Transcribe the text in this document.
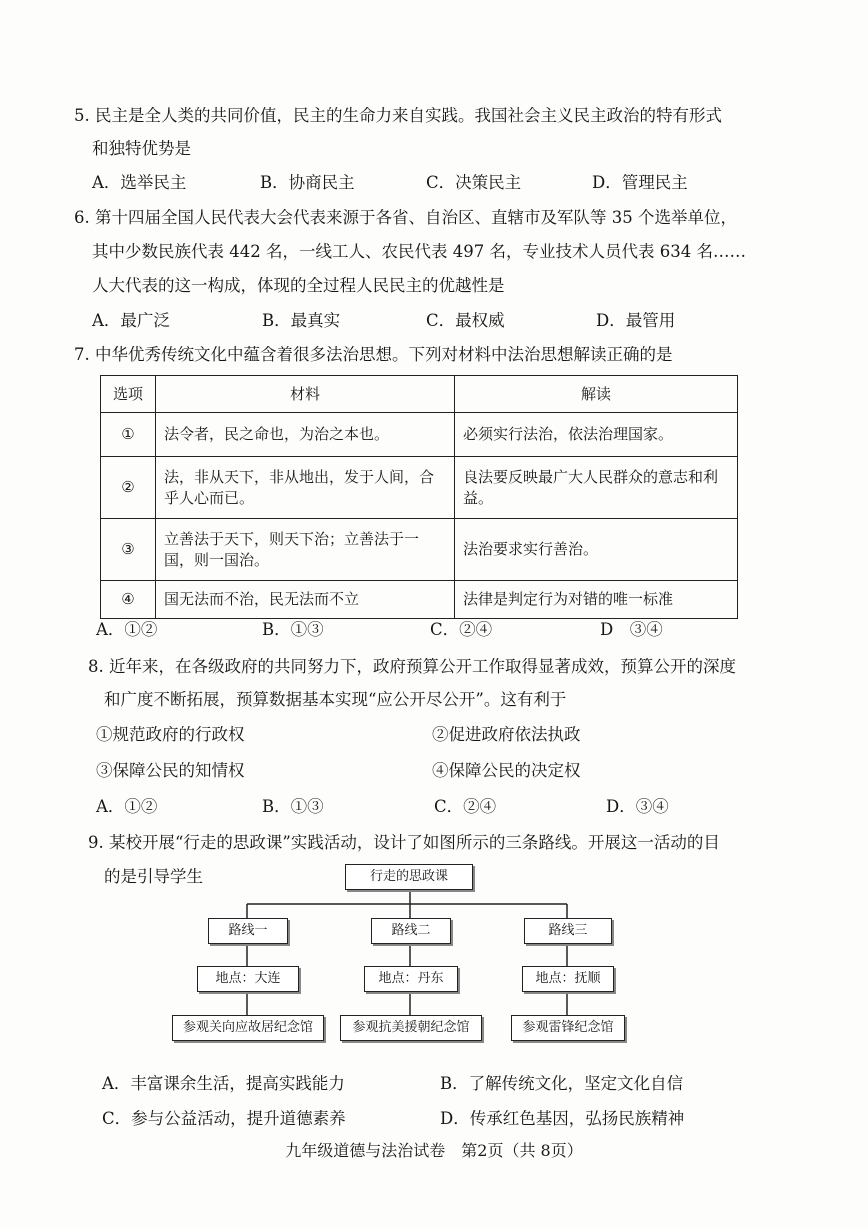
5. 民主是全人类的共同价值，民主的生命力来自实践。我国社会主义民主政治的特有形式
和独特优势是
A．选举民主	B．协商民主	C．决策民主	D．管理民主
6. 第十四届全国人民代表大会代表来源于各省、自治区、直辖市及军队等 35 个选举单位，
其中少数民族代表 442 名，一线工人、农民代表 497 名，专业技术人员代表 634 名……
人大代表的这一构成，体现的全过程人民民主的优越性是
A．最广泛	B．最真实	C．最权威	D．最管用
7. 中华优秀传统文化中蕴含着很多法治思想。下列对材料中法治思想解读正确的是
选项	材料	解读
①	法令者，民之命也，为治之本也。	必须实行法治，依法治理国家。
②	法，非从天下，非从地出，发于人间，合乎人心而已。	良法要反映最广大人民群众的意志和利益。
③	立善法于天下，则天下治；立善法于一国，则一国治。	法治要求实行善治。
④	国无法而不治，民无法而不立	法律是判定行为对错的唯一标准
A．①②	B．①③	C．②④	D　③④
8. 近年来，在各级政府的共同努力下，政府预算公开工作取得显著成效，预算公开的深度
和广度不断拓展，预算数据基本实现“应公开尽公开”。这有利于
①规范政府的行政权	②促进政府依法执政
③保障公民的知情权	④保障公民的决定权
A．①②	B．①③	C．②④	D．③④
9. 某校开展“行走的思政课”实践活动，设计了如图所示的三条路线。开展这一活动的目
的是引导学生	行走的思政课
路线一	路线二	路线三
地点：大连	地点：丹东	地点：抚顺
参观关向应故居纪念馆	参观抗美援朝纪念馆	参观雷锋纪念馆
A．丰富课余生活，提高实践能力	B．了解传统文化，坚定文化自信
C．参与公益活动，提升道德素养	D．传承红色基因，弘扬民族精神
九年级道德与法治试卷　第2页（共 8页）
